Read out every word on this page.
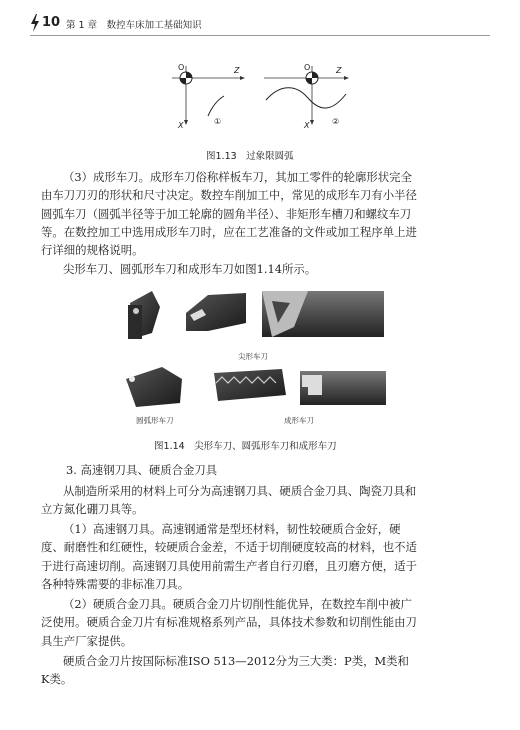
10 第 1 章　数控车床加工基础知识
O	Z
X	①
O	Z
X	②
图1.13　过象限圆弧
（3）成形车刀。成形车刀俗称样板车刀，其加工零件的轮廓形状完全
由车刀刀刃的形状和尺寸决定。数控车削加工中，常见的成形车刀有小半径
圆弧车刀（圆弧半径等于加工轮廓的圆角半径）、非矩形车槽刀和螺纹车刀
等。在数控加工中选用成形车刀时，应在工艺准备的文件或加工程序单上进
行详细的规格说明。
尖形车刀、圆弧形车刀和成形车刀如图1.14所示。
尖形车刀
圆弧形车刀	成形车刀
图1.14　尖形车刀、圆弧形车刀和成形车刀
3. 高速钢刀具、硬质合金刀具
从制造所采用的材料上可分为高速钢刀具、硬质合金刀具、陶瓷刀具和
立方氮化硼刀具等。
（1）高速钢刀具。高速钢通常是型坯材料，韧性较硬质合金好，硬
度、耐磨性和红硬性，较硬质合金差，不适于切削硬度较高的材料，也不适
于进行高速切削。高速钢刀具使用前需生产者自行刃磨，且刃磨方便，适于
各种特殊需要的非标准刀具。
（2）硬质合金刀具。硬质合金刀片切削性能优异，在数控车削中被广
泛使用。硬质合金刀片有标准规格系列产品，具体技术参数和切削性能由刀
具生产厂家提供。
硬质合金刀片按国际标准ISO 513—2012分为三大类：P类，M类和
K类。
